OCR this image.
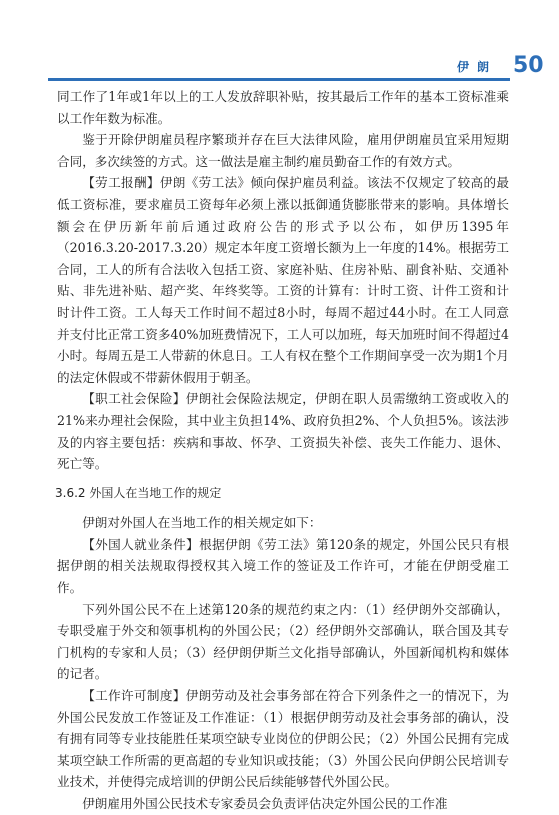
伊朗 50

同工作了1年或1年以上的工人发放辞职补贴，按其最后工作年的基本工资标准乘以工作年数为标准。

鉴于开除伊朗雇员程序繁琐并存在巨大法律风险，雇用伊朗雇员宜采用短期合同，多次续签的方式。这一做法是雇主制约雇员勤奋工作的有效方式。

【劳工报酬】伊朗《劳工法》倾向保护雇员利益。该法不仅规定了较高的最低工资标准，要求雇员工资每年必须上涨以抵御通货膨胀带来的影响。具体增长额会在伊历新年前后通过政府公告的形式予以公布，如伊历1395年（2016.3.20-2017.3.20）规定本年度工资增长额为上一年度的14%。根据劳工合同，工人的所有合法收入包括工资、家庭补贴、住房补贴、副食补贴、交通补贴、非先进补贴、超产奖、年终奖等。工资的计算有：计时工资、计件工资和计时计件工资。工人每天工作时间不超过8小时，每周不超过44小时。在工人同意并支付比正常工资多40%加班费情况下，工人可以加班，每天加班时间不得超过4小时。每周五是工人带薪的休息日。工人有权在整个工作期间享受一次为期1个月的法定休假或不带薪休假用于朝圣。

【职工社会保险】伊朗社会保险法规定，伊朗在职人员需缴纳工资或收入的21%来办理社会保险，其中业主负担14%、政府负担2%、个人负担5%。该法涉及的内容主要包括：疾病和事故、怀孕、工资损失补偿、丧失工作能力、退休、死亡等。

3.6.2 外国人在当地工作的规定

伊朗对外国人在当地工作的相关规定如下：

【外国人就业条件】根据伊朗《劳工法》第120条的规定，外国公民只有根据伊朗的相关法规取得授权其入境工作的签证及工作许可，才能在伊朗受雇工作。

下列外国公民不在上述第120条的规范约束之内：（1）经伊朗外交部确认，专职受雇于外交和领事机构的外国公民；（2）经伊朗外交部确认，联合国及其专门机构的专家和人员；（3）经伊朗伊斯兰文化指导部确认，外国新闻机构和媒体的记者。

【工作许可制度】伊朗劳动及社会事务部在符合下列条件之一的情况下，为外国公民发放工作签证及工作准证：（1）根据伊朗劳动及社会事务部的确认，没有拥有同等专业技能胜任某项空缺专业岗位的伊朗公民；（2）外国公民拥有完成某项空缺工作所需的更高超的专业知识或技能；（3）外国公民向伊朗公民培训专业技术，并使得完成培训的伊朗公民后续能够替代外国公民。

伊朗雇用外国公民技术专家委员会负责评估决定外国公民的工作准
